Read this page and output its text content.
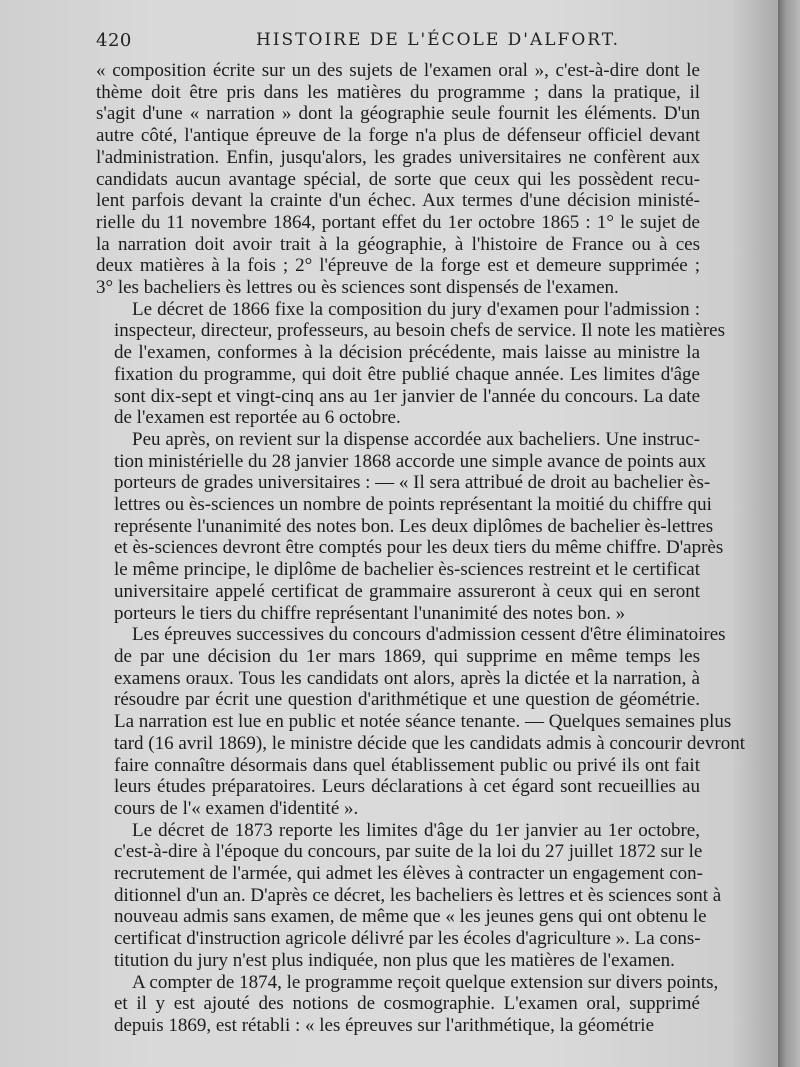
420	HISTOIRE DE L'ÉCOLE D'ALFORT.
« composition écrite sur un des sujets de l'examen oral », c'est-à-dire dont le
thème doit être pris dans les matières du programme ; dans la pratique, il
s'agit d'une « narration » dont la géographie seule fournit les éléments. D'un
autre côté, l'antique épreuve de la forge n'a plus de défenseur officiel devant
l'administration. Enfin, jusqu'alors, les grades universitaires ne confèrent aux
candidats aucun avantage spécial, de sorte que ceux qui les possèdent recu-
lent parfois devant la crainte d'un échec. Aux termes d'une décision ministé-
rielle du 11 novembre 1864, portant effet du 1er octobre 1865 : 1° le sujet de
la narration doit avoir trait à la géographie, à l'histoire de France ou à ces
deux matières à la fois ; 2° l'épreuve de la forge est et demeure supprimée ;
3° les bacheliers ès lettres ou ès sciences sont dispensés de l'examen.
Le décret de 1866 fixe la composition du jury d'examen pour l'admission :
inspecteur, directeur, professeurs, au besoin chefs de service. Il note les matières
de l'examen, conformes à la décision précédente, mais laisse au ministre la
fixation du programme, qui doit être publié chaque année. Les limites d'âge
sont dix-sept et vingt-cinq ans au 1er janvier de l'année du concours. La date
de l'examen est reportée au 6 octobre.
Peu après, on revient sur la dispense accordée aux bacheliers. Une instruc-
tion ministérielle du 28 janvier 1868 accorde une simple avance de points aux
porteurs de grades universitaires : — « Il sera attribué de droit au bachelier ès-
lettres ou ès-sciences un nombre de points représentant la moitié du chiffre qui
représente l'unanimité des notes bon. Les deux diplômes de bachelier ès-lettres
et ès-sciences devront être comptés pour les deux tiers du même chiffre. D'après
le même principe, le diplôme de bachelier ès-sciences restreint et le certificat
universitaire appelé certificat de grammaire assureront à ceux qui en seront
porteurs le tiers du chiffre représentant l'unanimité des notes bon. »
Les épreuves successives du concours d'admission cessent d'être éliminatoires
de par une décision du 1er mars 1869, qui supprime en même temps les
examens oraux. Tous les candidats ont alors, après la dictée et la narration, à
résoudre par écrit une question d'arithmétique et une question de géométrie.
La narration est lue en public et notée séance tenante. — Quelques semaines plus
tard (16 avril 1869), le ministre décide que les candidats admis à concourir devront
faire connaître désormais dans quel établissement public ou privé ils ont fait
leurs études préparatoires. Leurs déclarations à cet égard sont recueillies au
cours de l'« examen d'identité ».
Le décret de 1873 reporte les limites d'âge du 1er janvier au 1er octobre,
c'est-à-dire à l'époque du concours, par suite de la loi du 27 juillet 1872 sur le
recrutement de l'armée, qui admet les élèves à contracter un engagement con-
ditionnel d'un an. D'après ce décret, les bacheliers ès lettres et ès sciences sont à
nouveau admis sans examen, de même que « les jeunes gens qui ont obtenu le
certificat d'instruction agricole délivré par les écoles d'agriculture ». La cons-
titution du jury n'est plus indiquée, non plus que les matières de l'examen.
A compter de 1874, le programme reçoit quelque extension sur divers points,
et il y est ajouté des notions de cosmographie. L'examen oral, supprimé
depuis 1869, est rétabli : « les épreuves sur l'arithmétique, la géométrie
